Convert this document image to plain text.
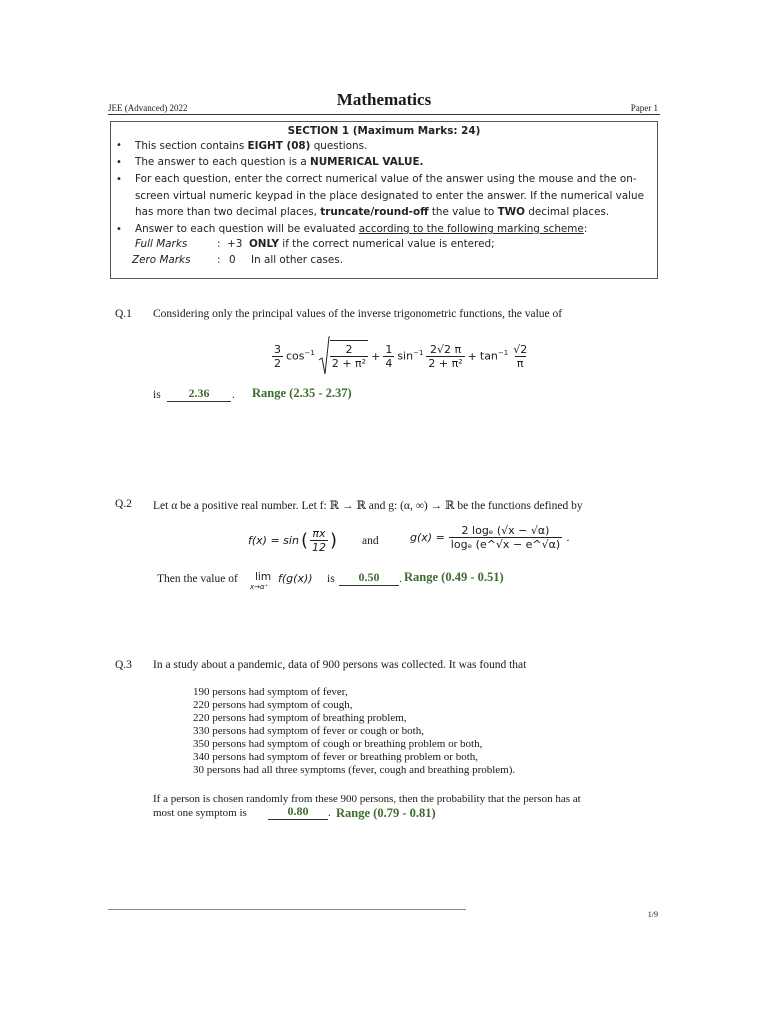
JEE (Advanced) 2022	Mathematics	Paper 1
SECTION 1 (Maximum Marks: 24)
• This section contains EIGHT (08) questions.
• The answer to each question is a NUMERICAL VALUE.
• For each question, enter the correct numerical value of the answer using the mouse and the on-screen virtual numeric keypad in the place designated to enter the answer. If the numerical value has more than two decimal places, truncate/round-off the value to TWO decimal places.
• Answer to each question will be evaluated according to the following marking scheme:
Full Marks	: +3 ONLY if the correct numerical value is entered;
Zero Marks	: 0 In all other cases.
Q.1 Considering only the principal values of the inverse trigonometric functions, the value of
$\frac{3}{2} \cos^{-1} \frac{2}{\text{2 + π²}} + \frac{1}{4} \sin^{-1} \frac{2√2 \pi}{\text{2 + π²}} + \tan^{-1} \frac{√2}{\pi}$
is	2.36	. Range (2.35 - 2.37)
Q.2 Let α be a positive real number. Let f: ℝ → ℝ and g: (α, ∞) → ℝ be the functions defined by
f(x) = sin ( $\frac{\pi x}{12}$ ) and	$g(x) = \frac{\text{2 logₑ (√x − √α)}}{\text{logₑ (e\textasciicircum{}√x − e\textasciicircum{}√α)}}$ .
Then the value of lim
x→α⁺
f(g(x)) is	0.50	. Range (0.49 - 0.51)
Q.3 In a study about a pandemic, data of 900 persons was collected. It was found that
190 persons had symptom of fever,
220 persons had symptom of cough,
220 persons had symptom of breathing problem,
330 persons had symptom of fever or cough or both,
350 persons had symptom of cough or breathing problem or both,
340 persons had symptom of fever or breathing problem or both,
30 persons had all three symptoms (fever, cough and breathing problem).
If a person is chosen randomly from these 900 persons, then the probability that the person has at
most one symptom is	0.80	. Range (0.79 - 0.81)
1/9
